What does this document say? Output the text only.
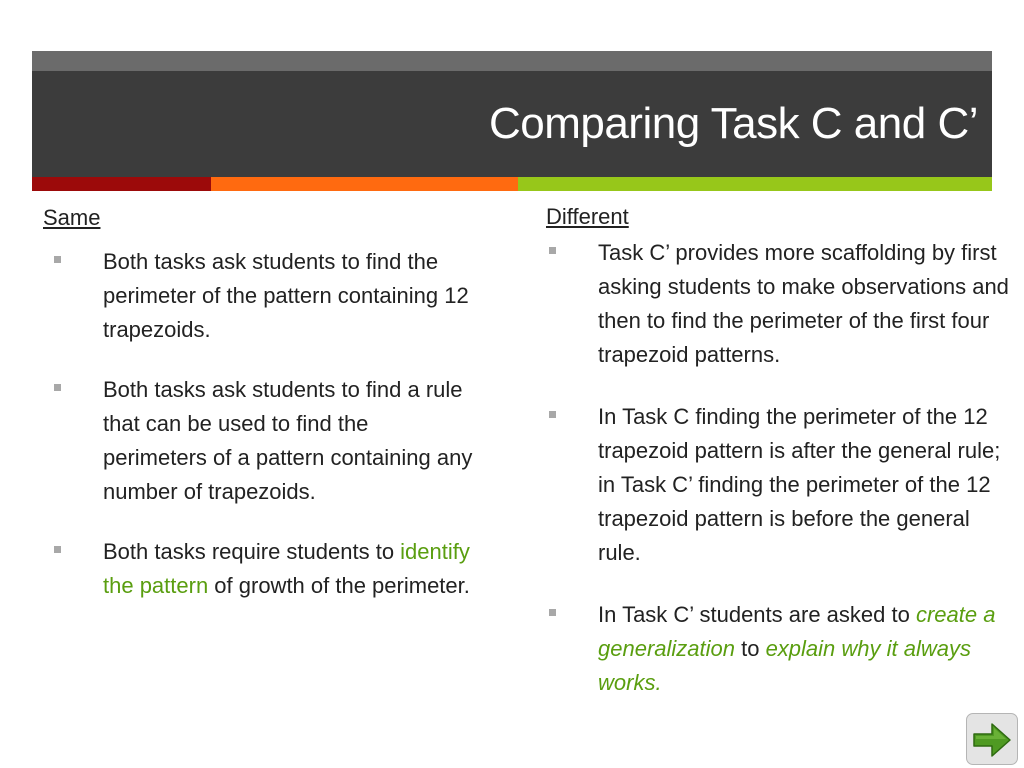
Comparing Task C and C’
Same
Both tasks ask students to find the perimeter of the pattern containing 12 trapezoids.
Both tasks ask students to find a rule that can be used to find the perimeters of a pattern containing any number of trapezoids.
Both tasks require students to identify the pattern of growth of the perimeter.
Different
Task C’ provides more scaffolding by first asking students to make observations and then to find the perimeter of the first four trapezoid patterns.
In Task C finding the perimeter of the 12 trapezoid pattern is after the general rule; in Task C’ finding the perimeter of the 12 trapezoid pattern is before the general rule.
In Task C’ students are asked to create a generalization to explain why it always works.
